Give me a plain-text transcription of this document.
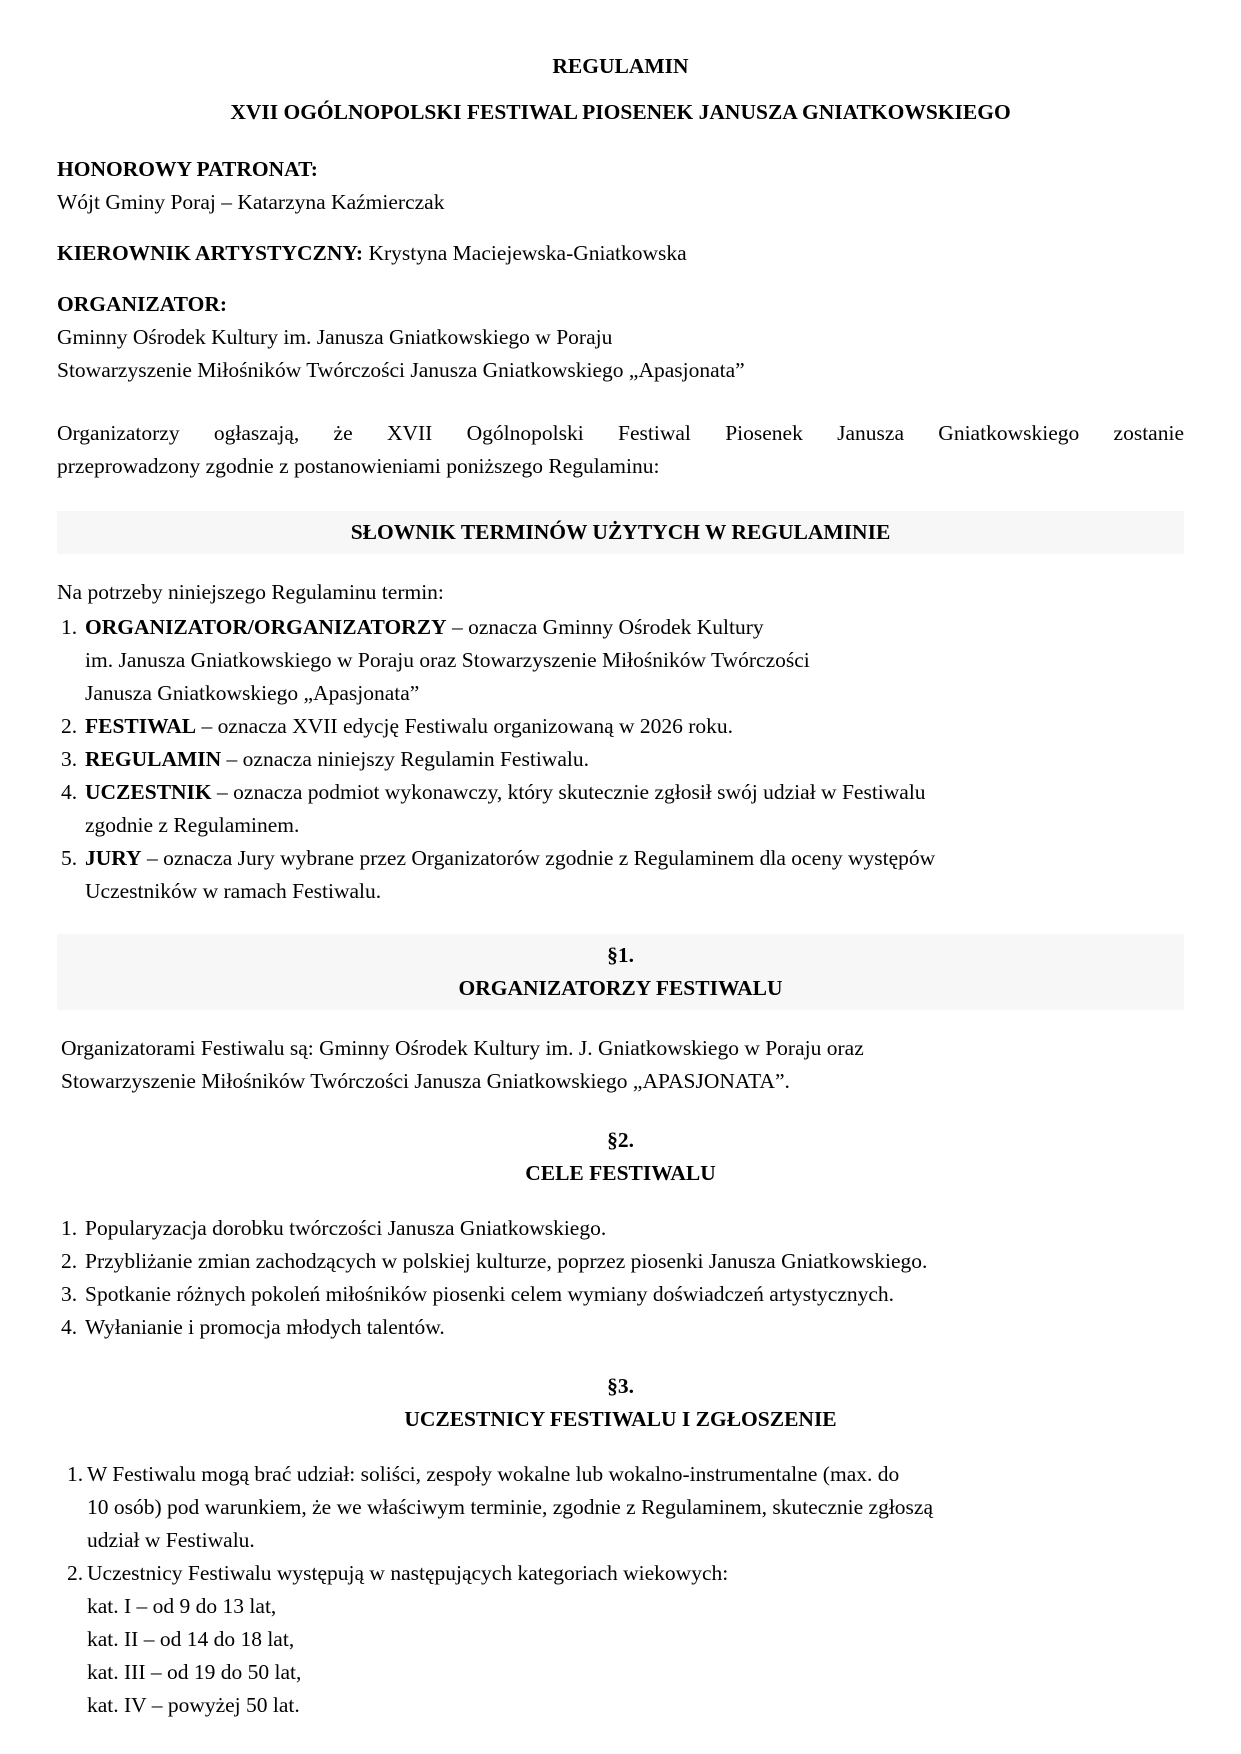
REGULAMIN
XVII OGÓLNOPOLSKI FESTIWAL PIOSENEK JANUSZA GNIATKOWSKIEGO
HONOROWY PATRONAT:
Wójt Gminy Poraj – Katarzyna Kaźmierczak
KIEROWNIK ARTYSTYCZNY: Krystyna Maciejewska-Gniatkowska
ORGANIZATOR:
Gminny Ośrodek Kultury im. Janusza Gniatkowskiego w Poraju
Stowarzyszenie Miłośników Twórczości Janusza Gniatkowskiego „Apasjonata”
Organizatorzy ogłaszają, że XVII Ogólnopolski Festiwal Piosenek Janusza Gniatkowskiego zostanie
przeprowadzony zgodnie z postanowieniami poniższego Regulaminu:
SŁOWNIK TERMINÓW UŻYTYCH W REGULAMINIE
Na potrzeby niniejszego Regulaminu termin:
1. ORGANIZATOR/ORGANIZATORZY – oznacza Gminny Ośrodek Kultury
im. Janusza Gniatkowskiego w Poraju oraz Stowarzyszenie Miłośników Twórczości
Janusza Gniatkowskiego „Apasjonata”
2. FESTIWAL – oznacza XVII edycję Festiwalu organizowaną w 2026 roku.
3. REGULAMIN – oznacza niniejszy Regulamin Festiwalu.
4. UCZESTNIK – oznacza podmiot wykonawczy, który skutecznie zgłosił swój udział w Festiwalu
zgodnie z Regulaminem.
5. JURY – oznacza Jury wybrane przez Organizatorów zgodnie z Regulaminem dla oceny występów
Uczestników w ramach Festiwalu.
§1.
ORGANIZATORZY FESTIWALU
Organizatorami Festiwalu są: Gminny Ośrodek Kultury im. J. Gniatkowskiego w Poraju oraz
Stowarzyszenie Miłośników Twórczości Janusza Gniatkowskiego „APASJONATA”.
§2.
CELE FESTIWALU
1. Popularyzacja dorobku twórczości Janusza Gniatkowskiego.
2. Przybliżanie zmian zachodzących w polskiej kulturze, poprzez piosenki Janusza Gniatkowskiego.
3. Spotkanie różnych pokoleń miłośników piosenki celem wymiany doświadczeń artystycznych.
4. Wyłanianie i promocja młodych talentów.
§3.
UCZESTNICY FESTIWALU I ZGŁOSZENIE
1. W Festiwalu mogą brać udział: soliści, zespoły wokalne lub wokalno-instrumentalne (max. do
10 osób) pod warunkiem, że we właściwym terminie, zgodnie z Regulaminem, skutecznie zgłoszą
udział w Festiwalu.
2. Uczestnicy Festiwalu występują w następujących kategoriach wiekowych:
kat. I – od 9 do 13 lat,
kat. II – od 14 do 18 lat,
kat. III – od 19 do 50 lat,
kat. IV – powyżej 50 lat.
